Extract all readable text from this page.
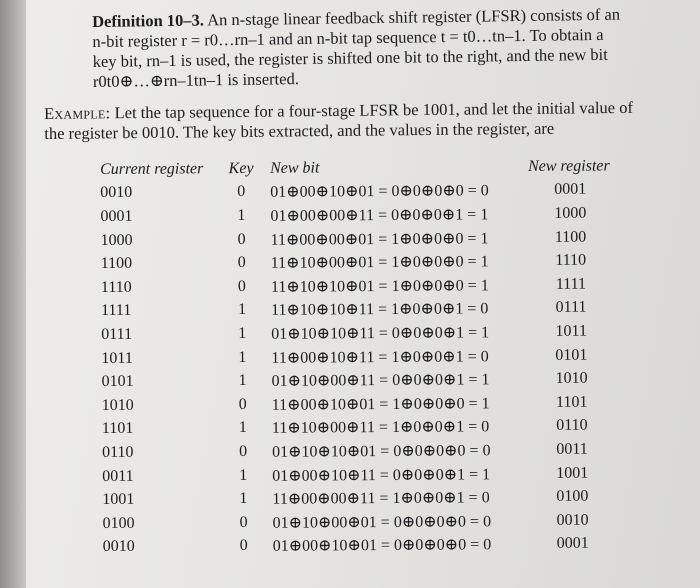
Definition 10–3. An n-stage linear feedback shift register (LFSR) consists of an n-bit register r = r0…rn–1 and an n-bit tap sequence t = t0…tn–1. To obtain a key bit, rn–1 is used, the register is shifted one bit to the right, and the new bit r0t0⊕…⊕rn–1tn–1 is inserted.
Example: Let the tap sequence for a four-stage LFSR be 1001, and let the initial value of the register be 0010. The key bits extracted, and the values in the register, are
Current register	Key	New bit	New register
0010	0	01⊕00⊕10⊕01 = 0⊕0⊕0⊕0 = 0	0001
0001	1	01⊕00⊕00⊕11 = 0⊕0⊕0⊕1 = 1	1000
1000	0	11⊕00⊕00⊕01 = 1⊕0⊕0⊕0 = 1	1100
1100	0	11⊕10⊕00⊕01 = 1⊕0⊕0⊕0 = 1	1110
1110	0	11⊕10⊕10⊕01 = 1⊕0⊕0⊕0 = 1	1111
1111	1	11⊕10⊕10⊕11 = 1⊕0⊕0⊕1 = 0	0111
0111	1	01⊕10⊕10⊕11 = 0⊕0⊕0⊕1 = 1	1011
1011	1	11⊕00⊕10⊕11 = 1⊕0⊕0⊕1 = 0	0101
0101	1	01⊕10⊕00⊕11 = 0⊕0⊕0⊕1 = 1	1010
1010	0	11⊕00⊕10⊕01 = 1⊕0⊕0⊕0 = 1	1101
1101	1	11⊕10⊕00⊕11 = 1⊕0⊕0⊕1 = 0	0110
0110	0	01⊕10⊕10⊕01 = 0⊕0⊕0⊕0 = 0	0011
0011	1	01⊕00⊕10⊕11 = 0⊕0⊕0⊕1 = 1	1001
1001	1	11⊕00⊕00⊕11 = 1⊕0⊕0⊕1 = 0	0100
0100	0	01⊕10⊕00⊕01 = 0⊕0⊕0⊕0 = 0	0010
0010	0	01⊕00⊕10⊕01 = 0⊕0⊕0⊕0 = 0	0001
